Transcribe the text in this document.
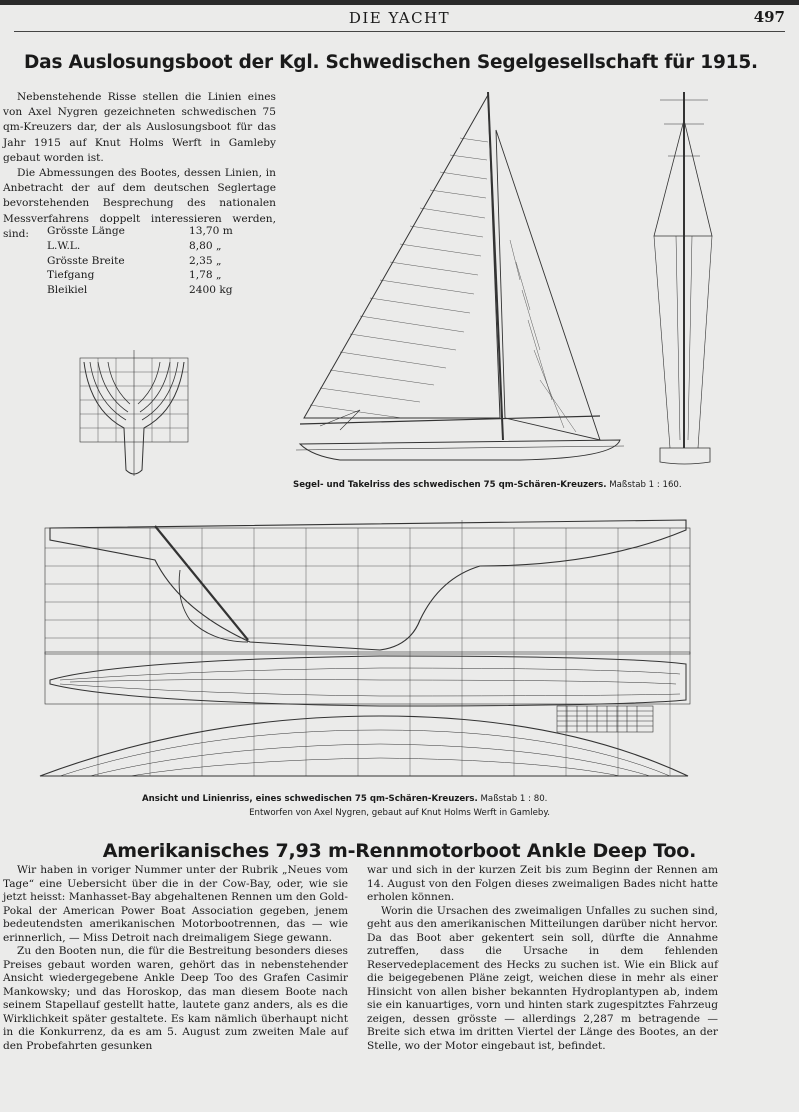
DIE YACHT	497
Das Auslosungsboot der Kgl. Schwedischen Segelgesellschaft für 1915.

Nebenstehende Risse stellen die Linien eines von Axel Nygren gezeichneten schwedischen 75 qm-Kreuzers dar, der als Auslosungsboot für das Jahr 1915 auf Knut Holms Werft in Gamleby gebaut worden ist.

Die Abmessungen des Bootes, dessen Linien, in Anbetracht der auf dem deutschen Seglertage bevorstehenden Besprechung des nationalen Messverfahrens doppelt interessieren werden, sind:	Grösste Länge	13,70 m
L.W.L.	8,80 „
Grösste Breite	2,35 „
Tiefgang	1,78 „
Bleikiel	2400 kg
Segel- und Takelriss des schwedischen 75 qm-Schären-Kreuzers. Maßstab 1 : 160.
Ansicht und Linienriss, eines schwedischen 75 qm-Schären-Kreuzers. Maßstab 1 : 80.
Entworfen von Axel Nygren, gebaut auf Knut Holms Werft in Gamleby.
Amerikanisches 7,93 m-Rennmotorboot Ankle Deep Too.

Wir haben in voriger Nummer unter der Rubrik „Neues vom Tage“ eine Uebersicht über die in der Cow-Bay, oder, wie sie jetzt heisst: Manhasset-Bay abgehaltenen Rennen um den Gold-Pokal der American Power Boat Association gegeben, jenem bedeutendsten amerikanischen Motorbootrennen, das — wie erinnerlich, — Miss Detroit nach dreimaligem Siege gewann.

Zu den Booten nun, die für die Bestreitung besonders dieses Preises gebaut worden waren, gehört das in nebenstehender Ansicht wiedergegebene Ankle Deep Too des Grafen Casimir Mankowsky; und das Horoskop, das man diesem Boote nach seinem Stapellauf gestellt hatte, lautete ganz anders, als es die Wirklichkeit später gestaltete. Es kam nämlich überhaupt nicht in die Konkurrenz, da es am 5. August zum zweiten Male auf den Probefahrten gesunken

war und sich in der kurzen Zeit bis zum Beginn der Rennen am 14. August von den Folgen dieses zweimaligen Bades nicht hatte erholen können.

Worin die Ursachen des zweimaligen Unfalles zu suchen sind, geht aus den amerikanischen Mitteilungen darüber nicht hervor. Da das Boot aber gekentert sein soll, dürfte die Annahme zutreffen, dass die Ursache in dem fehlenden Reservedeplacement des Hecks zu suchen ist. Wie ein Blick auf die beigegebenen Pläne zeigt, weichen diese in mehr als einer Hinsicht von allen bisher bekannten Hydroplantypen ab, indem sie ein kanuartiges, vorn und hinten stark zugespitztes Fahrzeug zeigen, dessen grösste — allerdings 2,287 m betragende — Breite sich etwa im dritten Viertel der Länge des Bootes, an der Stelle, wo der Motor eingebaut ist, befindet.
